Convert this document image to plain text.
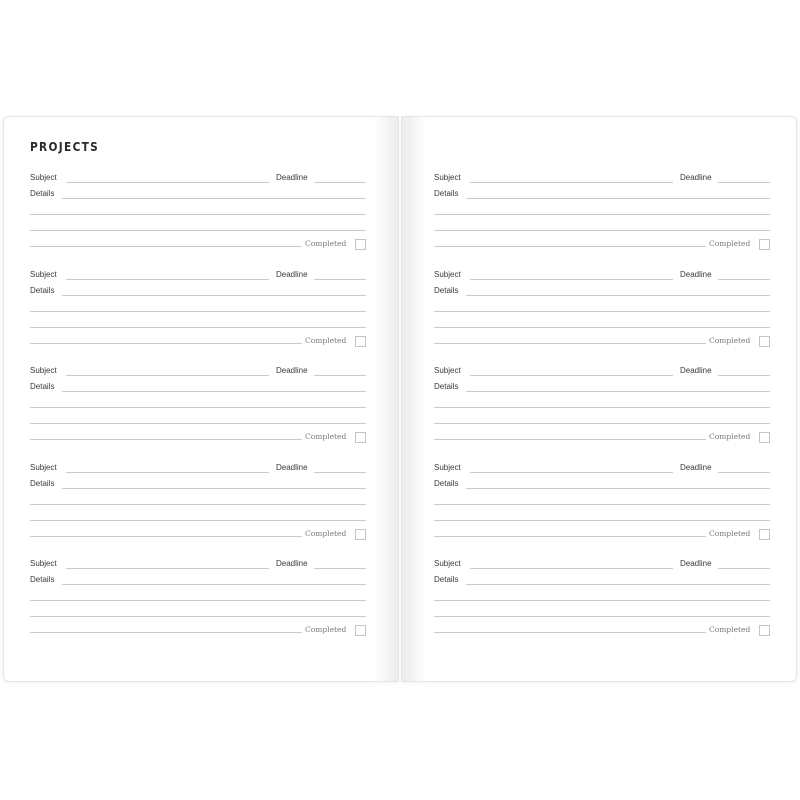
PROJECTS
Subject	Deadline
Details
Completed
Subject	Deadline
Details
Completed
Subject	Deadline
Details
Completed
Subject	Deadline
Details
Completed
Subject	Deadline
Details
Completed
Subject	Deadline
Details
Completed
Subject	Deadline
Details
Completed
Subject	Deadline
Details
Completed
Subject	Deadline
Details
Completed
Subject	Deadline
Details
Completed
